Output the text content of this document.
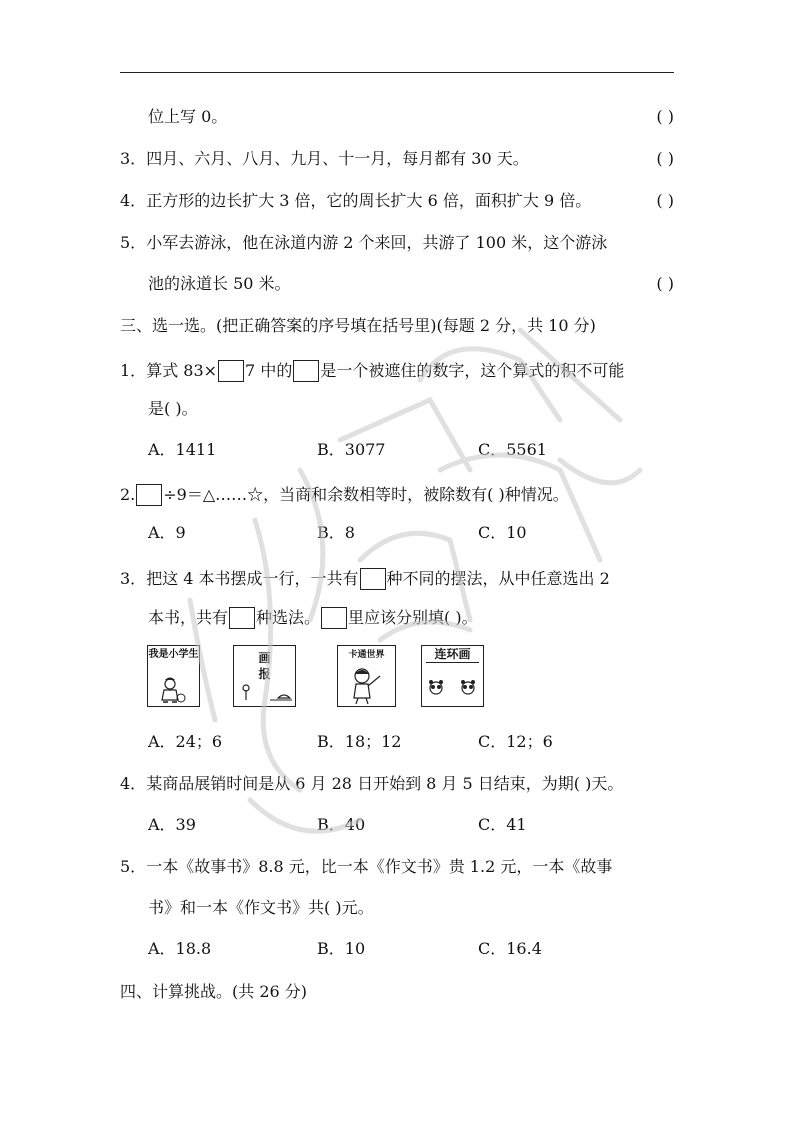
位上写 0。	( )
3．四月、六月、八月、九月、十一月，每月都有 30 天。	( )
4．正方形的边长扩大 3 倍，它的周长扩大 6 倍，面积扩大 9 倍。	( )
5．小军去游泳，他在泳道内游 2 个来回，共游了 100 米，这个游泳
池的泳道长 50 米。	( )
三、选一选。(把正确答案的序号填在括号里)(每题 2 分，共 10 分)
1．算式 83× 7 中的 是一个被遮住的数字，这个算式的积不可能
是( )。
A．1411	B．3077	C．5561
2. ÷9＝△……☆，当商和余数相等时，被除数有( )种情况。
A．9	B．8	C．10
3．把这 4 本书摆成一行，一共有 种不同的摆法，从中任意选出 2
本书，共有 种选法。 里应该分别填( )。
我是小学生	画报
卡通世界	连环画
A．24；6	B．18；12	C．12；6
4．某商品展销时间是从 6 月 28 日开始到 8 月 5 日结束，为期( )天。
A．39	B．40	C．41
5．一本《故事书》8.8 元，比一本《作文书》贵 1.2 元，一本《故事
书》和一本《作文书》共( )元。
A．18.8	B．10	C．16.4
四、计算挑战。(共 26 分)
